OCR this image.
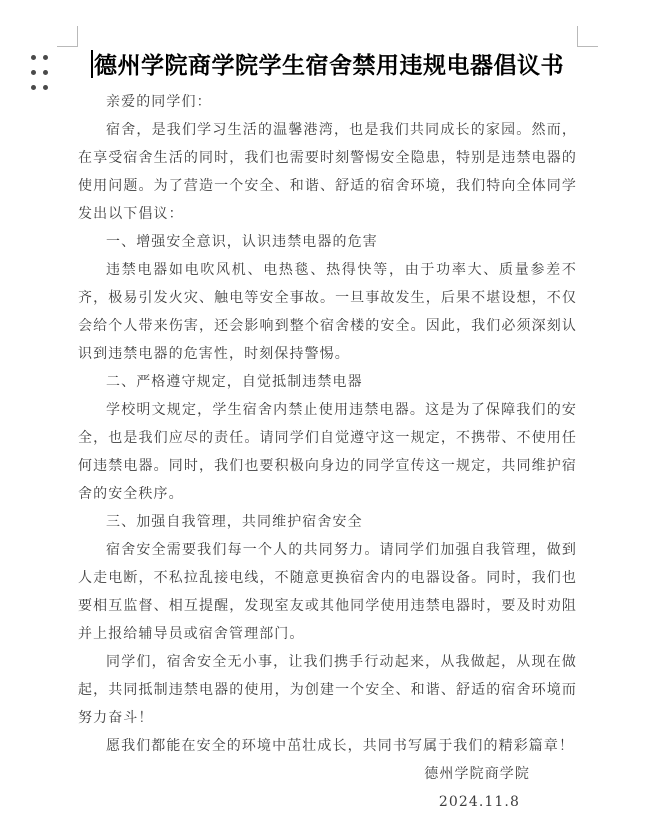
德州学院商学院学生宿舍禁用违规电器倡议书

亲爱的同学们：

宿舍，是我们学习生活的温馨港湾，也是我们共同成长的家园。然而，在享受宿舍生活的同时，我们也需要时刻警惕安全隐患，特别是违禁电器的使用问题。为了营造一个安全、和谐、舒适的宿舍环境，我们特向全体同学发出以下倡议：

一、增强安全意识，认识违禁电器的危害

违禁电器如电吹风机、电热毯、热得快等，由于功率大、质量参差不齐，极易引发火灾、触电等安全事故。一旦事故发生，后果不堪设想，不仅会给个人带来伤害，还会影响到整个宿舍楼的安全。因此，我们必须深刻认识到违禁电器的危害性，时刻保持警惕。

二、严格遵守规定，自觉抵制违禁电器

学校明文规定，学生宿舍内禁止使用违禁电器。这是为了保障我们的安全，也是我们应尽的责任。请同学们自觉遵守这一规定，不携带、不使用任何违禁电器。同时，我们也要积极向身边的同学宣传这一规定，共同维护宿舍的安全秩序。

三、加强自我管理，共同维护宿舍安全

宿舍安全需要我们每一个人的共同努力。请同学们加强自我管理，做到人走电断，不私拉乱接电线，不随意更换宿舍内的电器设备。同时，我们也要相互监督、相互提醒，发现室友或其他同学使用违禁电器时，要及时劝阻并上报给辅导员或宿舍管理部门。

同学们，宿舍安全无小事，让我们携手行动起来，从我做起，从现在做起，共同抵制违禁电器的使用，为创建一个安全、和谐、舒适的宿舍环境而努力奋斗！

愿我们都能在安全的环境中茁壮成长，共同书写属于我们的精彩篇章！

德州学院商学院

2024.11.8
